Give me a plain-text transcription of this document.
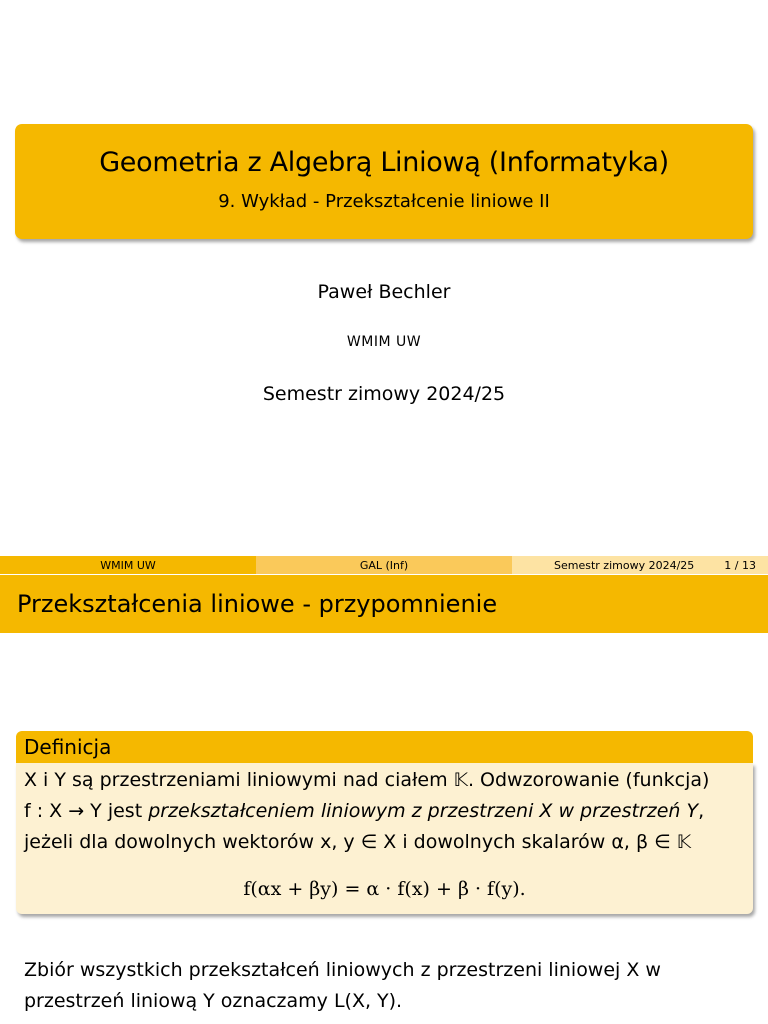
Geometria z Algebrą Liniową (Informatyka)
9. Wykład - Przekształcenie liniowe II
Paweł Bechler
WMIM UW
Semestr zimowy 2024/25
WMIM UW	GAL (Inf)	Semestr zimowy 2024/25	1 / 13
Przekształcenia liniowe - przypomnienie
Definicja
X i Y są przestrzeniami liniowymi nad ciałem 𝕂. Odwzorowanie (funkcja)
f : X → Y jest przekształceniem liniowym z przestrzeni X w przestrzeń Y,
jeżeli dla dowolnych wektorów x, y ∈ X i dowolnych skalarów α, β ∈ 𝕂
f(αx + βy) = α · f(x) + β · f(y).
Zbiór wszystkich przekształceń liniowych z przestrzeni liniowej X w przestrzeń liniową Y oznaczamy L(X, Y).
